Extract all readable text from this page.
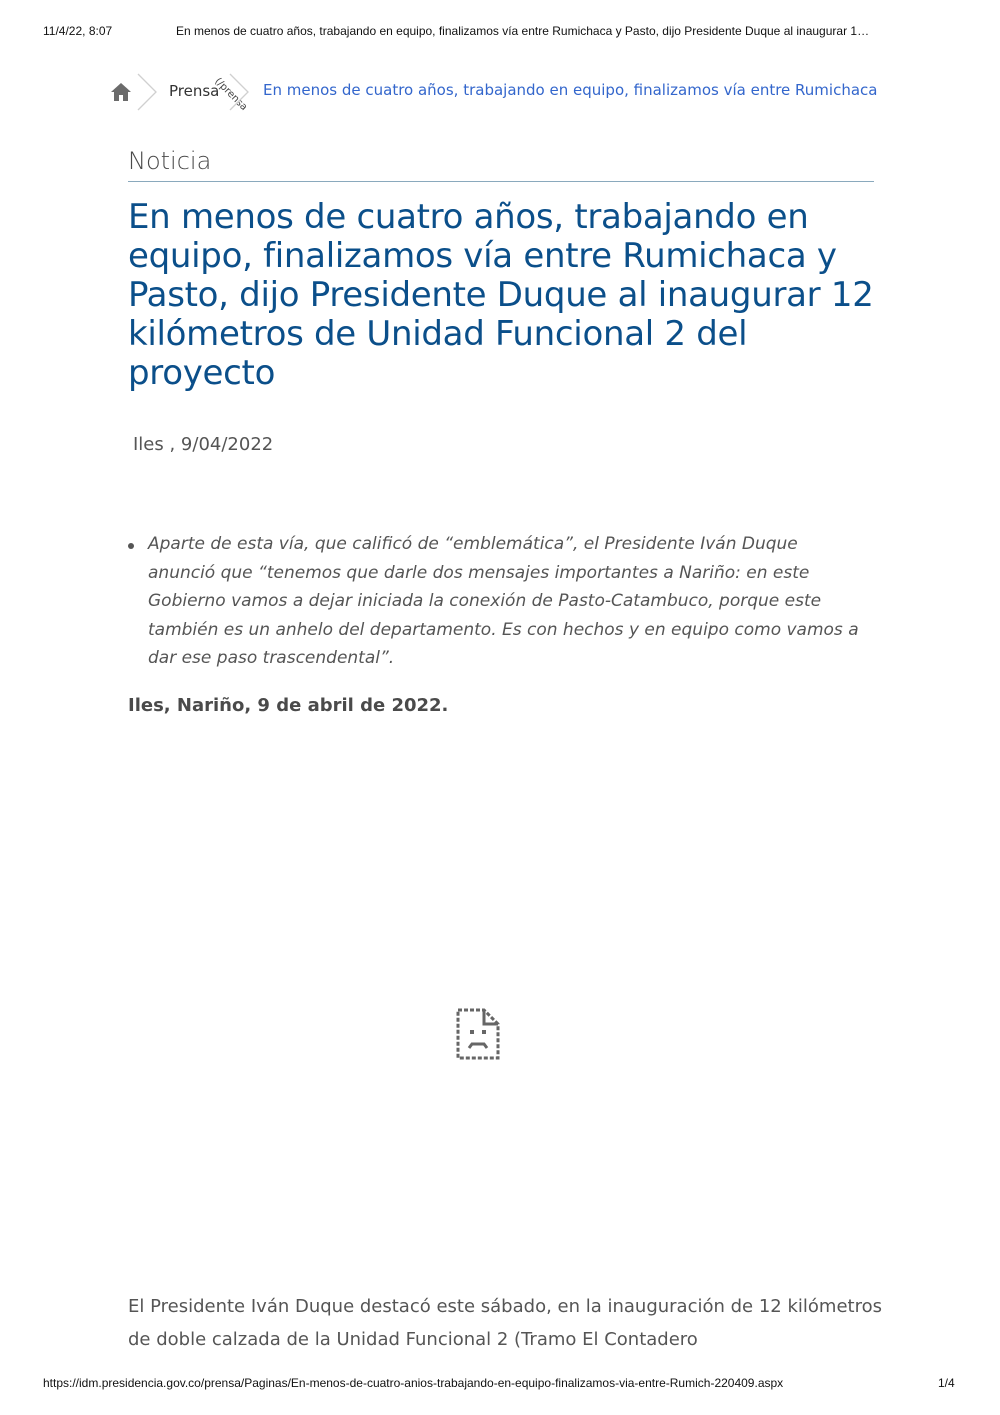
11/4/22, 8:07	En menos de cuatro años, trabajando en equipo, finalizamos vía entre Rumichaca y Pasto, dijo Presidente Duque al inaugurar 1…
Prensa
(/prensa En menos de cuatro años, trabajando en equipo, finalizamos vía entre Rumichaca
Noticia
En menos de cuatro años, trabajando en equipo, finalizamos vía entre Rumichaca y Pasto, dijo Presidente Duque al inaugurar 12 kilómetros de Unidad Funcional 2 del proyecto
Iles , 9/04/2022
Aparte de esta vía, que calificó de “emblemática”, el Presidente Iván Duque anunció que “tenemos que darle dos mensajes importantes a Nariño: en este Gobierno vamos a dejar iniciada la conexión de Pasto-Catambuco, porque este también es un anhelo del departamento. Es con hechos y en equipo como vamos a dar ese paso trascendental”.
Iles, Nariño, 9 de abril de 2022.

El Presidente Iván Duque destacó este sábado, en la inauguración de 12 kilómetros de doble calzada de la Unidad Funcional 2 (Tramo El Contadero

https://idm.presidencia.gov.co/prensa/Paginas/En-menos-de-cuatro-anios-trabajando-en-equipo-finalizamos-via-entre-Rumich-220409.aspx	1/4
